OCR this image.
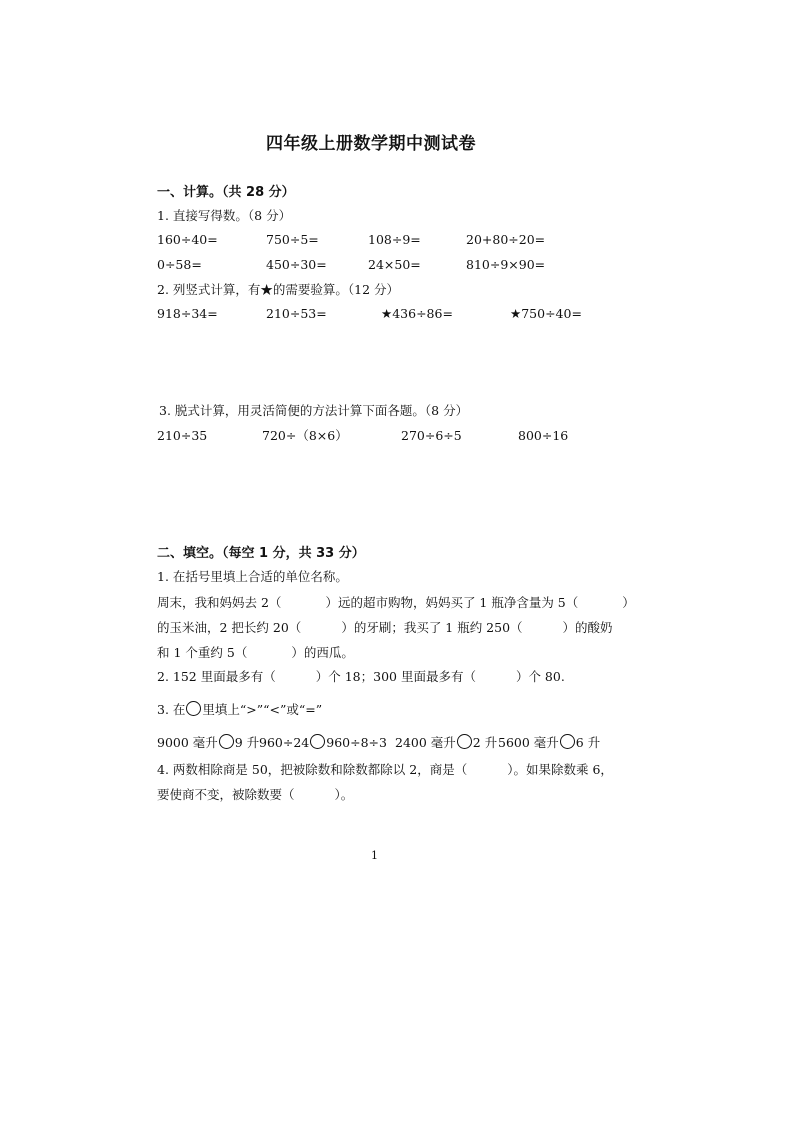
四年级上册数学期中测试卷
一、计算。（共 28 分）
1. 直接写得数。（8 分）
160÷40=	750÷5=	108÷9=	20+80÷20=
0÷58=	450÷30=	24×50=	810÷9×90=
2. 列竖式计算，有★的需要验算。（12 分）
918÷34=	210÷53=	★436÷86=	★750÷40=
3. 脱式计算，用灵活简便的方法计算下面各题。（8 分）
210÷35	720÷（8×6）	270÷6÷5	800÷16
二、填空。（每空 1 分，共 33 分）
1. 在括号里填上合适的单位名称。
周末，我和妈妈去 2（	）远的超市购物，妈妈买了 1 瓶净含量为 5（	）
的玉米油，2 把长约 20（	）的牙刷；我买了 1 瓶约 250（	）的酸奶
和 1 个重约 5（	）的西瓜。
2. 152 里面最多有（	）个 18；300 里面最多有（	）个 80.
3. 在 里填上“>”“<”或“=”
9000 毫升 9 升 960÷24 960÷8÷3 2400 毫升 2 升 5600 毫升 6 升
4. 两数相除商是 50，把被除数和除数都除以 2，商是（	）。如果除数乘 6，
要使商不变，被除数要（	）。
1
